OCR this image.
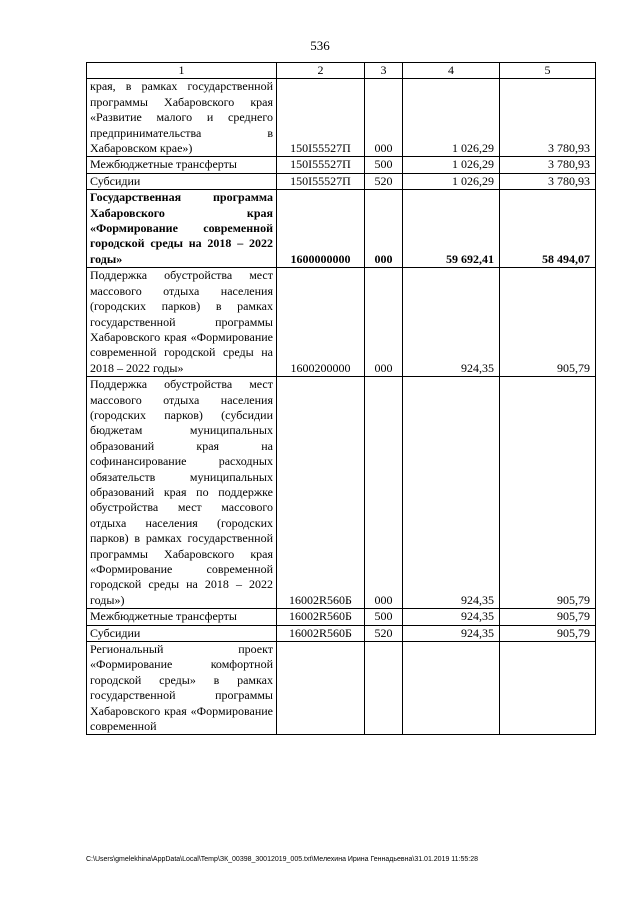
536
1	2	3	4	5

края, в рамках государственной программы Хабаровского края «Развитие малого и среднего предпринимательства в Хабаровском крае»)	150I55527П	000	1 026,29	3 780,93

Межбюджетные трансферты	150I55527П	500	1 026,29	3 780,93

Субсидии	150I55527П	520	1 026,29	3 780,93

Государственная программа Хабаровского края «Формирование современной городской среды на 2018 – 2022 годы»	1600000000	000	59 692,41	58 494,07

Поддержка обустройства мест массового отдыха населения (городских парков) в рамках государственной программы Хабаровского края «Формирование современной городской среды на 2018 – 2022 годы»	1600200000	000	924,35	905,79

Поддержка обустройства мест массового отдыха населения (городских парков) (субсидии бюджетам муниципальных образований края на софинансирование расходных обязательств муниципальных образований края по поддержке обустройства мест массового отдыха населения (городских парков) в рамках государственной программы Хабаровского края «Формирование современной городской среды на 2018 – 2022 годы»)	16002R560Б	000	924,35	905,79

Межбюджетные трансферты	16002R560Б	500	924,35	905,79

Субсидии	16002R560Б	520	924,35	905,79

Региональный проект «Формирование комфортной городской среды» в рамках государственной программы Хабаровского края «Формирование современной				

C:\Users\gmelekhina\AppData\Local\Temp\ЗК_00398_30012019_005.txt\Мелехина Ирина Геннадьевна\31.01.2019 11:55:28
